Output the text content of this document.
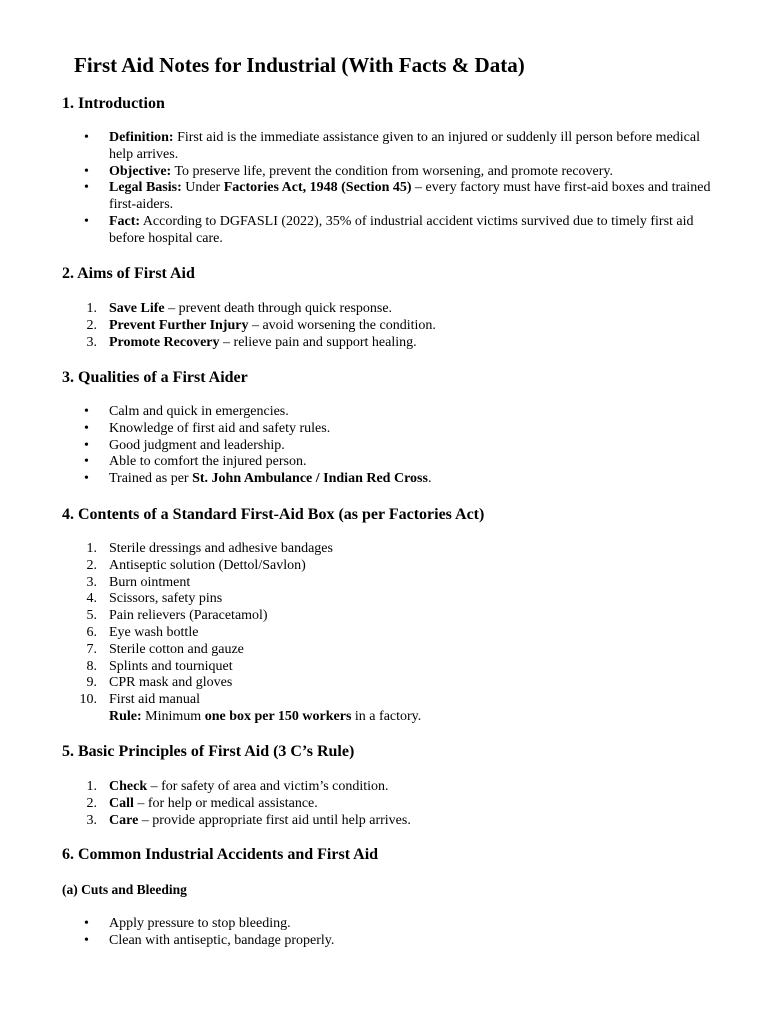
First Aid Notes for Industrial (With Facts & Data)
1. Introduction
• Definition: First aid is the immediate assistance given to an injured or suddenly ill person before medical help arrives.
• Objective: To preserve life, prevent the condition from worsening, and promote recovery.
• Legal Basis: Under Factories Act, 1948 (Section 45) – every factory must have first-aid boxes and trained first-aiders.
• Fact: According to DGFASLI (2022), 35% of industrial accident victims survived due to timely first aid before hospital care.
2. Aims of First Aid
1. Save Life – prevent death through quick response.
2. Prevent Further Injury – avoid worsening the condition.
3. Promote Recovery – relieve pain and support healing.
3. Qualities of a First Aider
• Calm and quick in emergencies.
• Knowledge of first aid and safety rules.
• Good judgment and leadership.
• Able to comfort the injured person.
• Trained as per St. John Ambulance / Indian Red Cross.
4. Contents of a Standard First-Aid Box (as per Factories Act)
1. Sterile dressings and adhesive bandages
2. Antiseptic solution (Dettol/Savlon)
3. Burn ointment
4. Scissors, safety pins
5. Pain relievers (Paracetamol)
6. Eye wash bottle
7. Sterile cotton and gauze
8. Splints and tourniquet
9. CPR mask and gloves
10. First aid manual
Rule: Minimum one box per 150 workers in a factory.
5. Basic Principles of First Aid (3 C’s Rule)
1. Check – for safety of area and victim’s condition.
2. Call – for help or medical assistance.
3. Care – provide appropriate first aid until help arrives.
6. Common Industrial Accidents and First Aid
(a) Cuts and Bleeding
• Apply pressure to stop bleeding.
• Clean with antiseptic, bandage properly.
